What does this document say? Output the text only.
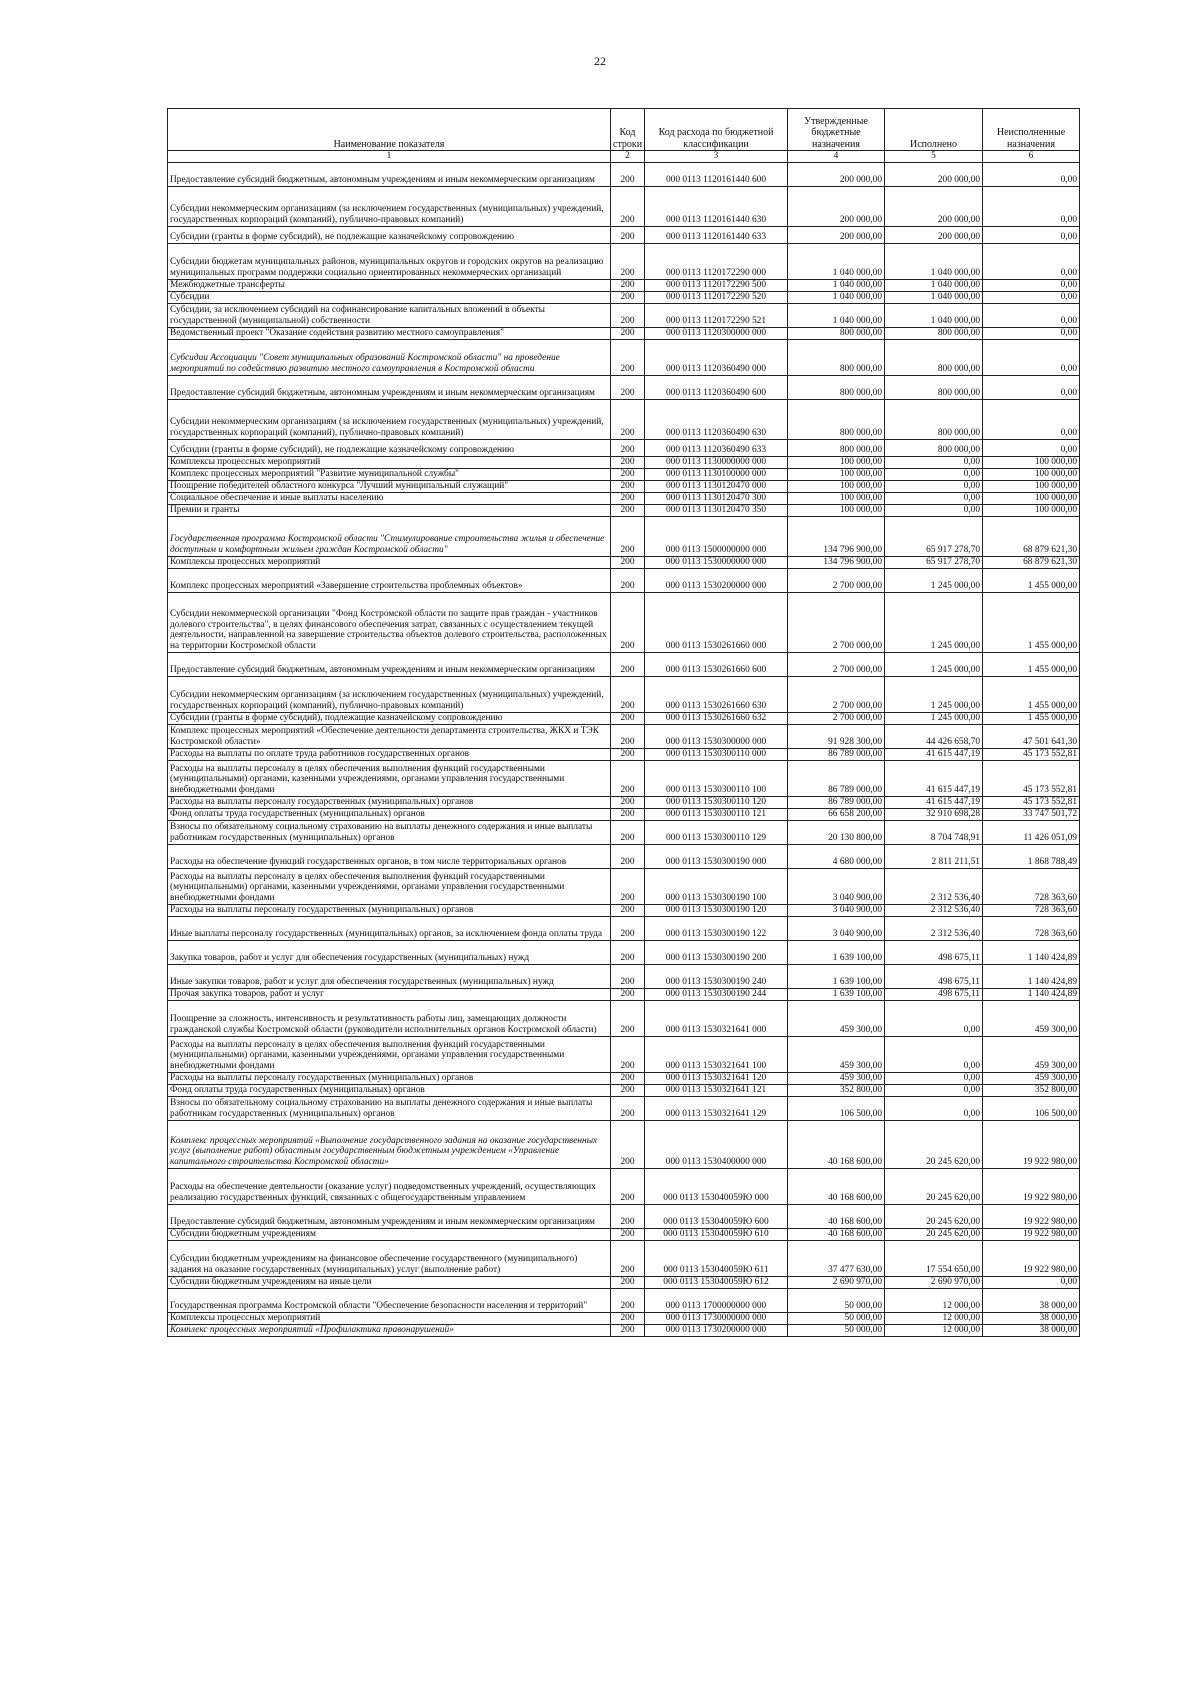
22
Наименование показателя	Код строки	Код расхода по бюджетной классификации	Утвержденные бюджетные назначения	Исполнено	Неисполненные назначения
1	2	3	4	5	6
Предоставление субсидий бюджетным, автономным учреждениям и иным некоммерческим организациям	200	000 0113 1120161440 600	200 000,00	200 000,00	0,00
Субсидии некоммерческим организациям (за исключением государственных (муниципальных) учреждений, государственных корпораций (компаний), публично-правовых компаний)	200	000 0113 1120161440 630	200 000,00	200 000,00	0,00
Субсидии (гранты в форме субсидий), не подлежащие казначейскому сопровождению	200	000 0113 1120161440 633	200 000,00	200 000,00	0,00
Субсидии бюджетам муниципальных районов, муниципальных округов и городских округов на реализацию муниципальных программ поддержки социально ориентированных некоммерческих организаций	200	000 0113 1120172290 000	1 040 000,00	1 040 000,00	0,00
Межбюджетные трансферты	200	000 0113 1120172290 500	1 040 000,00	1 040 000,00	0,00
Субсидии	200	000 0113 1120172290 520	1 040 000,00	1 040 000,00	0,00
Субсидии, за исключением субсидий на софинансирование капитальных вложений в объекты государственной (муниципальной) собственности	200	000 0113 1120172290 521	1 040 000,00	1 040 000,00	0,00
Ведомственный проект "Оказание содействия развитию местного самоуправления"	200	000 0113 1120300000 000	800 000,00	800 000,00	0,00
Субсидии Ассоциации "Совет муниципальных образований Костромской области" на проведение мероприятий по содействию развитию местного самоуправления в Костромской области	200	000 0113 1120360490 000	800 000,00	800 000,00	0,00
Предоставление субсидий бюджетным, автономным учреждениям и иным некоммерческим организациям	200	000 0113 1120360490 600	800 000,00	800 000,00	0,00
Субсидии некоммерческим организациям (за исключением государственных (муниципальных) учреждений, государственных корпораций (компаний), публично-правовых компаний)	200	000 0113 1120360490 630	800 000,00	800 000,00	0,00
Субсидии (гранты в форме субсидий), не подлежащие казначейскому сопровождению	200	000 0113 1120360490 633	800 000,00	800 000,00	0,00
Комплексы процессных мероприятий	200	000 0113 1130000000 000	100 000,00	0,00	100 000,00
Комплекс процессных мероприятий "Развитие муниципальной службы"	200	000 0113 1130100000 000	100 000,00	0,00	100 000,00
Поощрение победителей областного конкурса "Лучший муниципальный служащий"	200	000 0113 1130120470 000	100 000,00	0,00	100 000,00
Социальное обеспечение и иные выплаты населению	200	000 0113 1130120470 300	100 000,00	0,00	100 000,00
Премии и гранты	200	000 0113 1130120470 350	100 000,00	0,00	100 000,00
Государственная программа Костромской области "Стимулирование строительства жилья и обеспечение доступным и комфортным жильем граждан Костромской области"	200	000 0113 1500000000 000	134 796 900,00	65 917 278,70	68 879 621,30
Комплексы процессных мероприятий	200	000 0113 1530000000 000	134 796 900,00	65 917 278,70	68 879 621,30
Комплекс процессных мероприятий «Завершение строительства проблемных объектов»	200	000 0113 1530200000 000	2 700 000,00	1 245 000,00	1 455 000,00
Субсидии некоммерческой организации "Фонд Костромской области по защите прав граждан - участников долевого строительства", в целях финансового обеспечения затрат, связанных с осуществлением текущей деятельности, направленной на завершение строительства объектов долевого строительства, расположенных на территории Костромской области	200	000 0113 1530261660 000	2 700 000,00	1 245 000,00	1 455 000,00
Предоставление субсидий бюджетным, автономным учреждениям и иным некоммерческим организациям	200	000 0113 1530261660 600	2 700 000,00	1 245 000,00	1 455 000,00
Субсидии некоммерческим организациям (за исключением государственных (муниципальных) учреждений, государственных корпораций (компаний), публично-правовых компаний)	200	000 0113 1530261660 630	2 700 000,00	1 245 000,00	1 455 000,00
Субсидии (гранты в форме субсидий), подлежащие казначейскому сопровождению	200	000 0113 1530261660 632	2 700 000,00	1 245 000,00	1 455 000,00
Комплекс процессных мероприятий «Обеспечение деятельности департамента строительства, ЖКХ и ТЭК Костромской области»	200	000 0113 1530300000 000	91 928 300,00	44 426 658,70	47 501 641,30
Расходы на выплаты по оплате труда работников государственных органов	200	000 0113 1530300110 000	86 789 000,00	41 615 447,19	45 173 552,81
Расходы на выплаты персоналу в целях обеспечения выполнения функций государственными (муниципальными) органами, казенными учреждениями, органами управления государственными внебюджетными фондами	200	000 0113 1530300110 100	86 789 000,00	41 615 447,19	45 173 552,81
Расходы на выплаты персоналу государственных (муниципальных) органов	200	000 0113 1530300110 120	86 789 000,00	41 615 447,19	45 173 552,81
Фонд оплаты труда государственных (муниципальных) органов	200	000 0113 1530300110 121	66 658 200,00	32 910 698,28	33 747 501,72
Взносы по обязательному социальному страхованию на выплаты денежного содержания и иные выплаты работникам государственных (муниципальных) органов	200	000 0113 1530300110 129	20 130 800,00	8 704 748,91	11 426 051,09
Расходы на обеспечение функций государственных органов, в том числе территориальных органов	200	000 0113 1530300190 000	4 680 000,00	2 811 211,51	1 868 788,49
Расходы на выплаты персоналу в целях обеспечения выполнения функций государственными (муниципальными) органами, казенными учреждениями, органами управления государственными внебюджетными фондами	200	000 0113 1530300190 100	3 040 900,00	2 312 536,40	728 363,60
Расходы на выплаты персоналу государственных (муниципальных) органов	200	000 0113 1530300190 120	3 040 900,00	2 312 536,40	728 363,60
Иные выплаты персоналу государственных (муниципальных) органов, за исключением фонда оплаты труда	200	000 0113 1530300190 122	3 040 900,00	2 312 536,40	728 363,60
Закупка товаров, работ и услуг для обеспечения государственных (муниципальных) нужд	200	000 0113 1530300190 200	1 639 100,00	498 675,11	1 140 424,89
Иные закупки товаров, работ и услуг для обеспечения государственных (муниципальных) нужд	200	000 0113 1530300190 240	1 639 100,00	498 675,11	1 140 424,89
Прочая закупка товаров, работ и услуг	200	000 0113 1530300190 244	1 639 100,00	498 675,11	1 140 424,89
Поощрение за сложность, интенсивность и результативность работы лиц, замещающих должности гражданской службы Костромской области (руководители исполнительных органов Костромской области)	200	000 0113 1530321641 000	459 300,00	0,00	459 300,00
Расходы на выплаты персоналу в целях обеспечения выполнения функций государственными (муниципальными) органами, казенными учреждениями, органами управления государственными внебюджетными фондами	200	000 0113 1530321641 100	459 300,00	0,00	459 300,00
Расходы на выплаты персоналу государственных (муниципальных) органов	200	000 0113 1530321641 120	459 300,00	0,00	459 300,00
Фонд оплаты труда государственных (муниципальных) органов	200	000 0113 1530321641 121	352 800,00	0,00	352 800,00
Взносы по обязательному социальному страхованию на выплаты денежного содержания и иные выплаты работникам государственных (муниципальных) органов	200	000 0113 1530321641 129	106 500,00	0,00	106 500,00
Комплекс процессных мероприятий «Выполнение государственного задания на оказание государственных услуг (выполнение работ) областным государственным бюджетным учреждением «Управление капитального строительства Костромской области»	200	000 0113 1530400000 000	40 168 600,00	20 245 620,00	19 922 980,00
Расходы на обеспечение деятельности (оказание услуг) подведомственных учреждений, осуществляющих реализацию государственных функций, связанных с общегосударственным управлением	200	000 0113 153040059Ю 000	40 168 600,00	20 245 620,00	19 922 980,00
Предоставление субсидий бюджетным, автономным учреждениям и иным некоммерческим организациям	200	000 0113 153040059Ю 600	40 168 600,00	20 245 620,00	19 922 980,00
Субсидии бюджетным учреждениям	200	000 0113 153040059Ю 610	40 168 600,00	20 245 620,00	19 922 980,00
Субсидии бюджетным учреждениям на финансовое обеспечение государственного (муниципального) задания на оказание государственных (муниципальных) услуг (выполнение работ)	200	000 0113 153040059Ю 611	37 477 630,00	17 554 650,00	19 922 980,00
Субсидии бюджетным учреждениям на иные цели	200	000 0113 153040059Ю 612	2 690 970,00	2 690 970,00	0,00
Государственная программа Костромской области "Обеспечение безопасности населения и территорий"	200	000 0113 1700000000 000	50 000,00	12 000,00	38 000,00
Комплексы процессных мероприятий	200	000 0113 1730000000 000	50 000,00	12 000,00	38 000,00
Комплекс процессных мероприятий «Профилактика правонарушений»	200	000 0113 1730200000 000	50 000,00	12 000,00	38 000,00
